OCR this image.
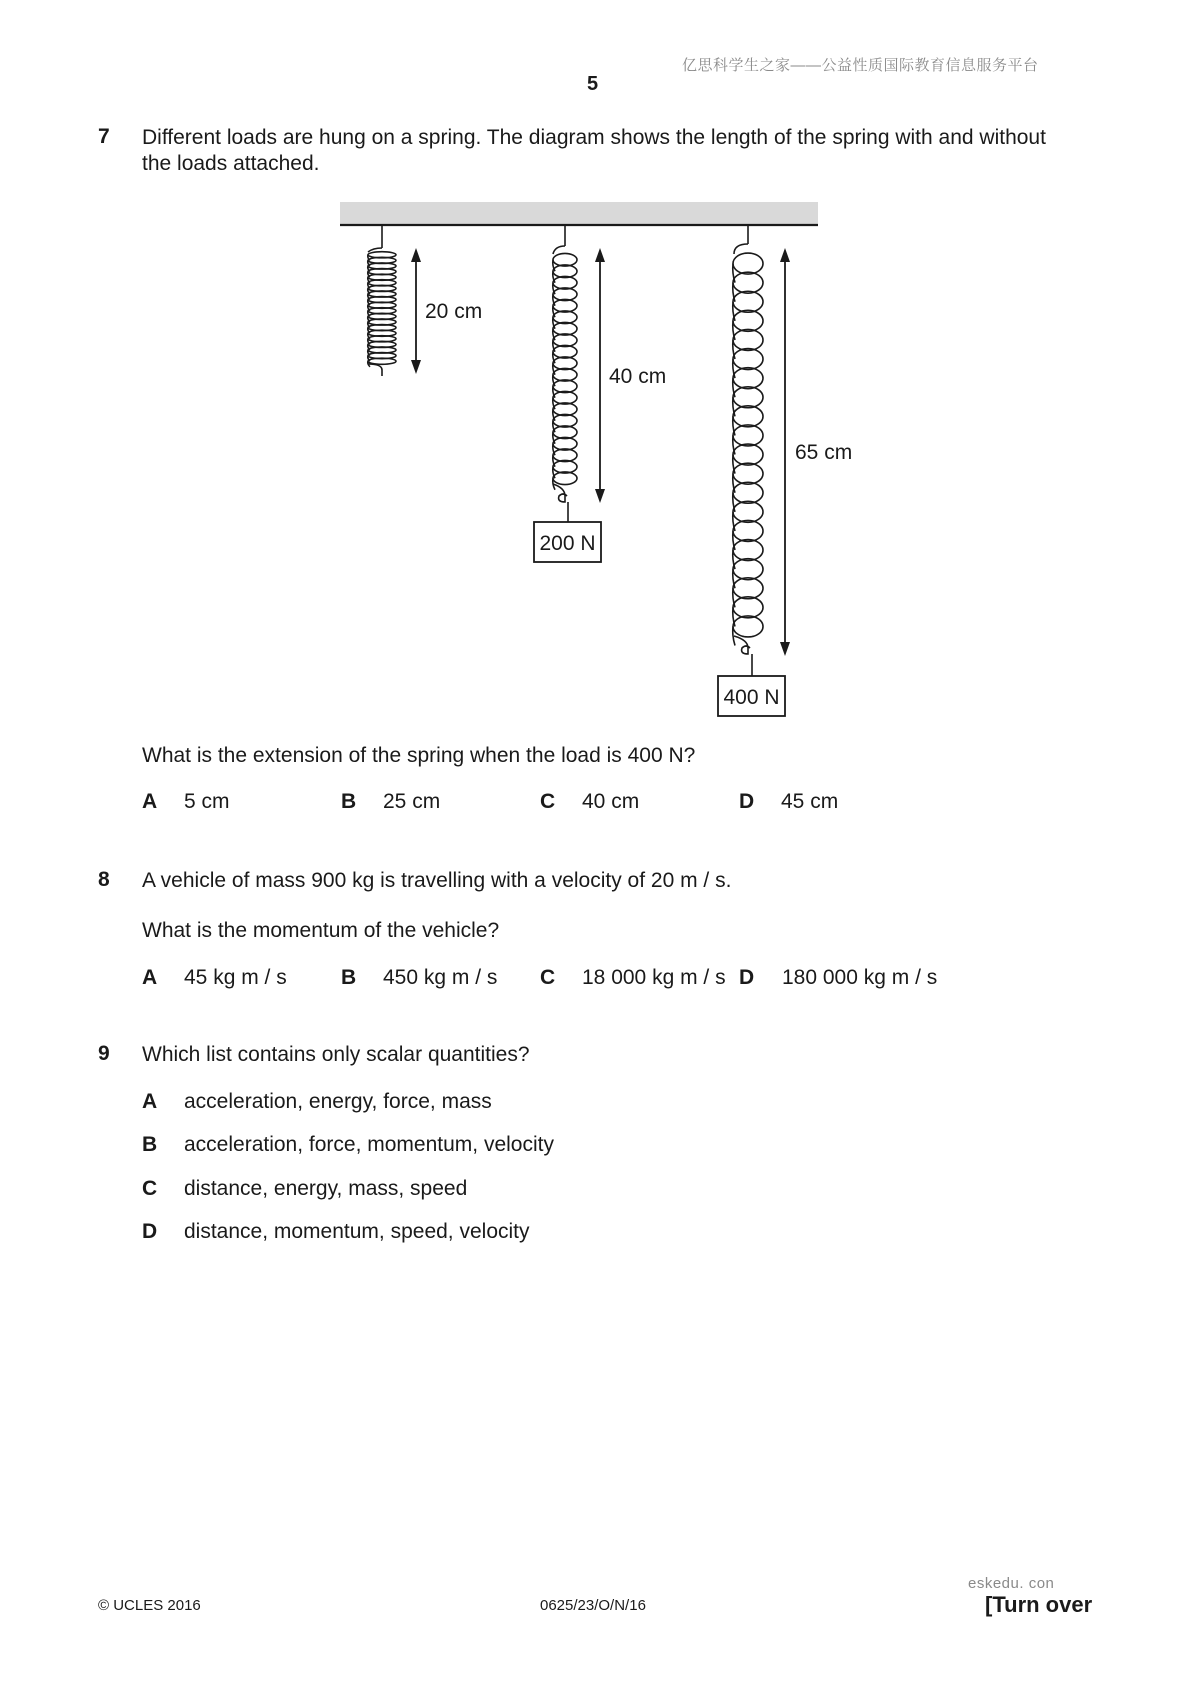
亿思科学生之家——公益性质国际教育信息服务平台
5
7 Different loads are hung on a spring. The diagram shows the length of the spring with and without
the loads attached.
20 cm
200 N
40 cm
400 N
65 cm
What is the extension of the spring when the load is 400 N?
A 5 cm	B 25 cm	C 40 cm	D 45 cm
8 A vehicle of mass 900 kg is travelling with a velocity of 20 m / s.
What is the momentum of the vehicle?
A 45 kg m / s	B 450 kg m / s C 18 000 kg m / s D 180 000 kg m / s
9 Which list contains only scalar quantities?
A acceleration, energy, force, mass
B acceleration, force, momentum, velocity
C distance, energy, mass, speed
D distance, momentum, speed, velocity
eskedu. con
© UCLES 2016	0625/23/O/N/16	[Turn over
